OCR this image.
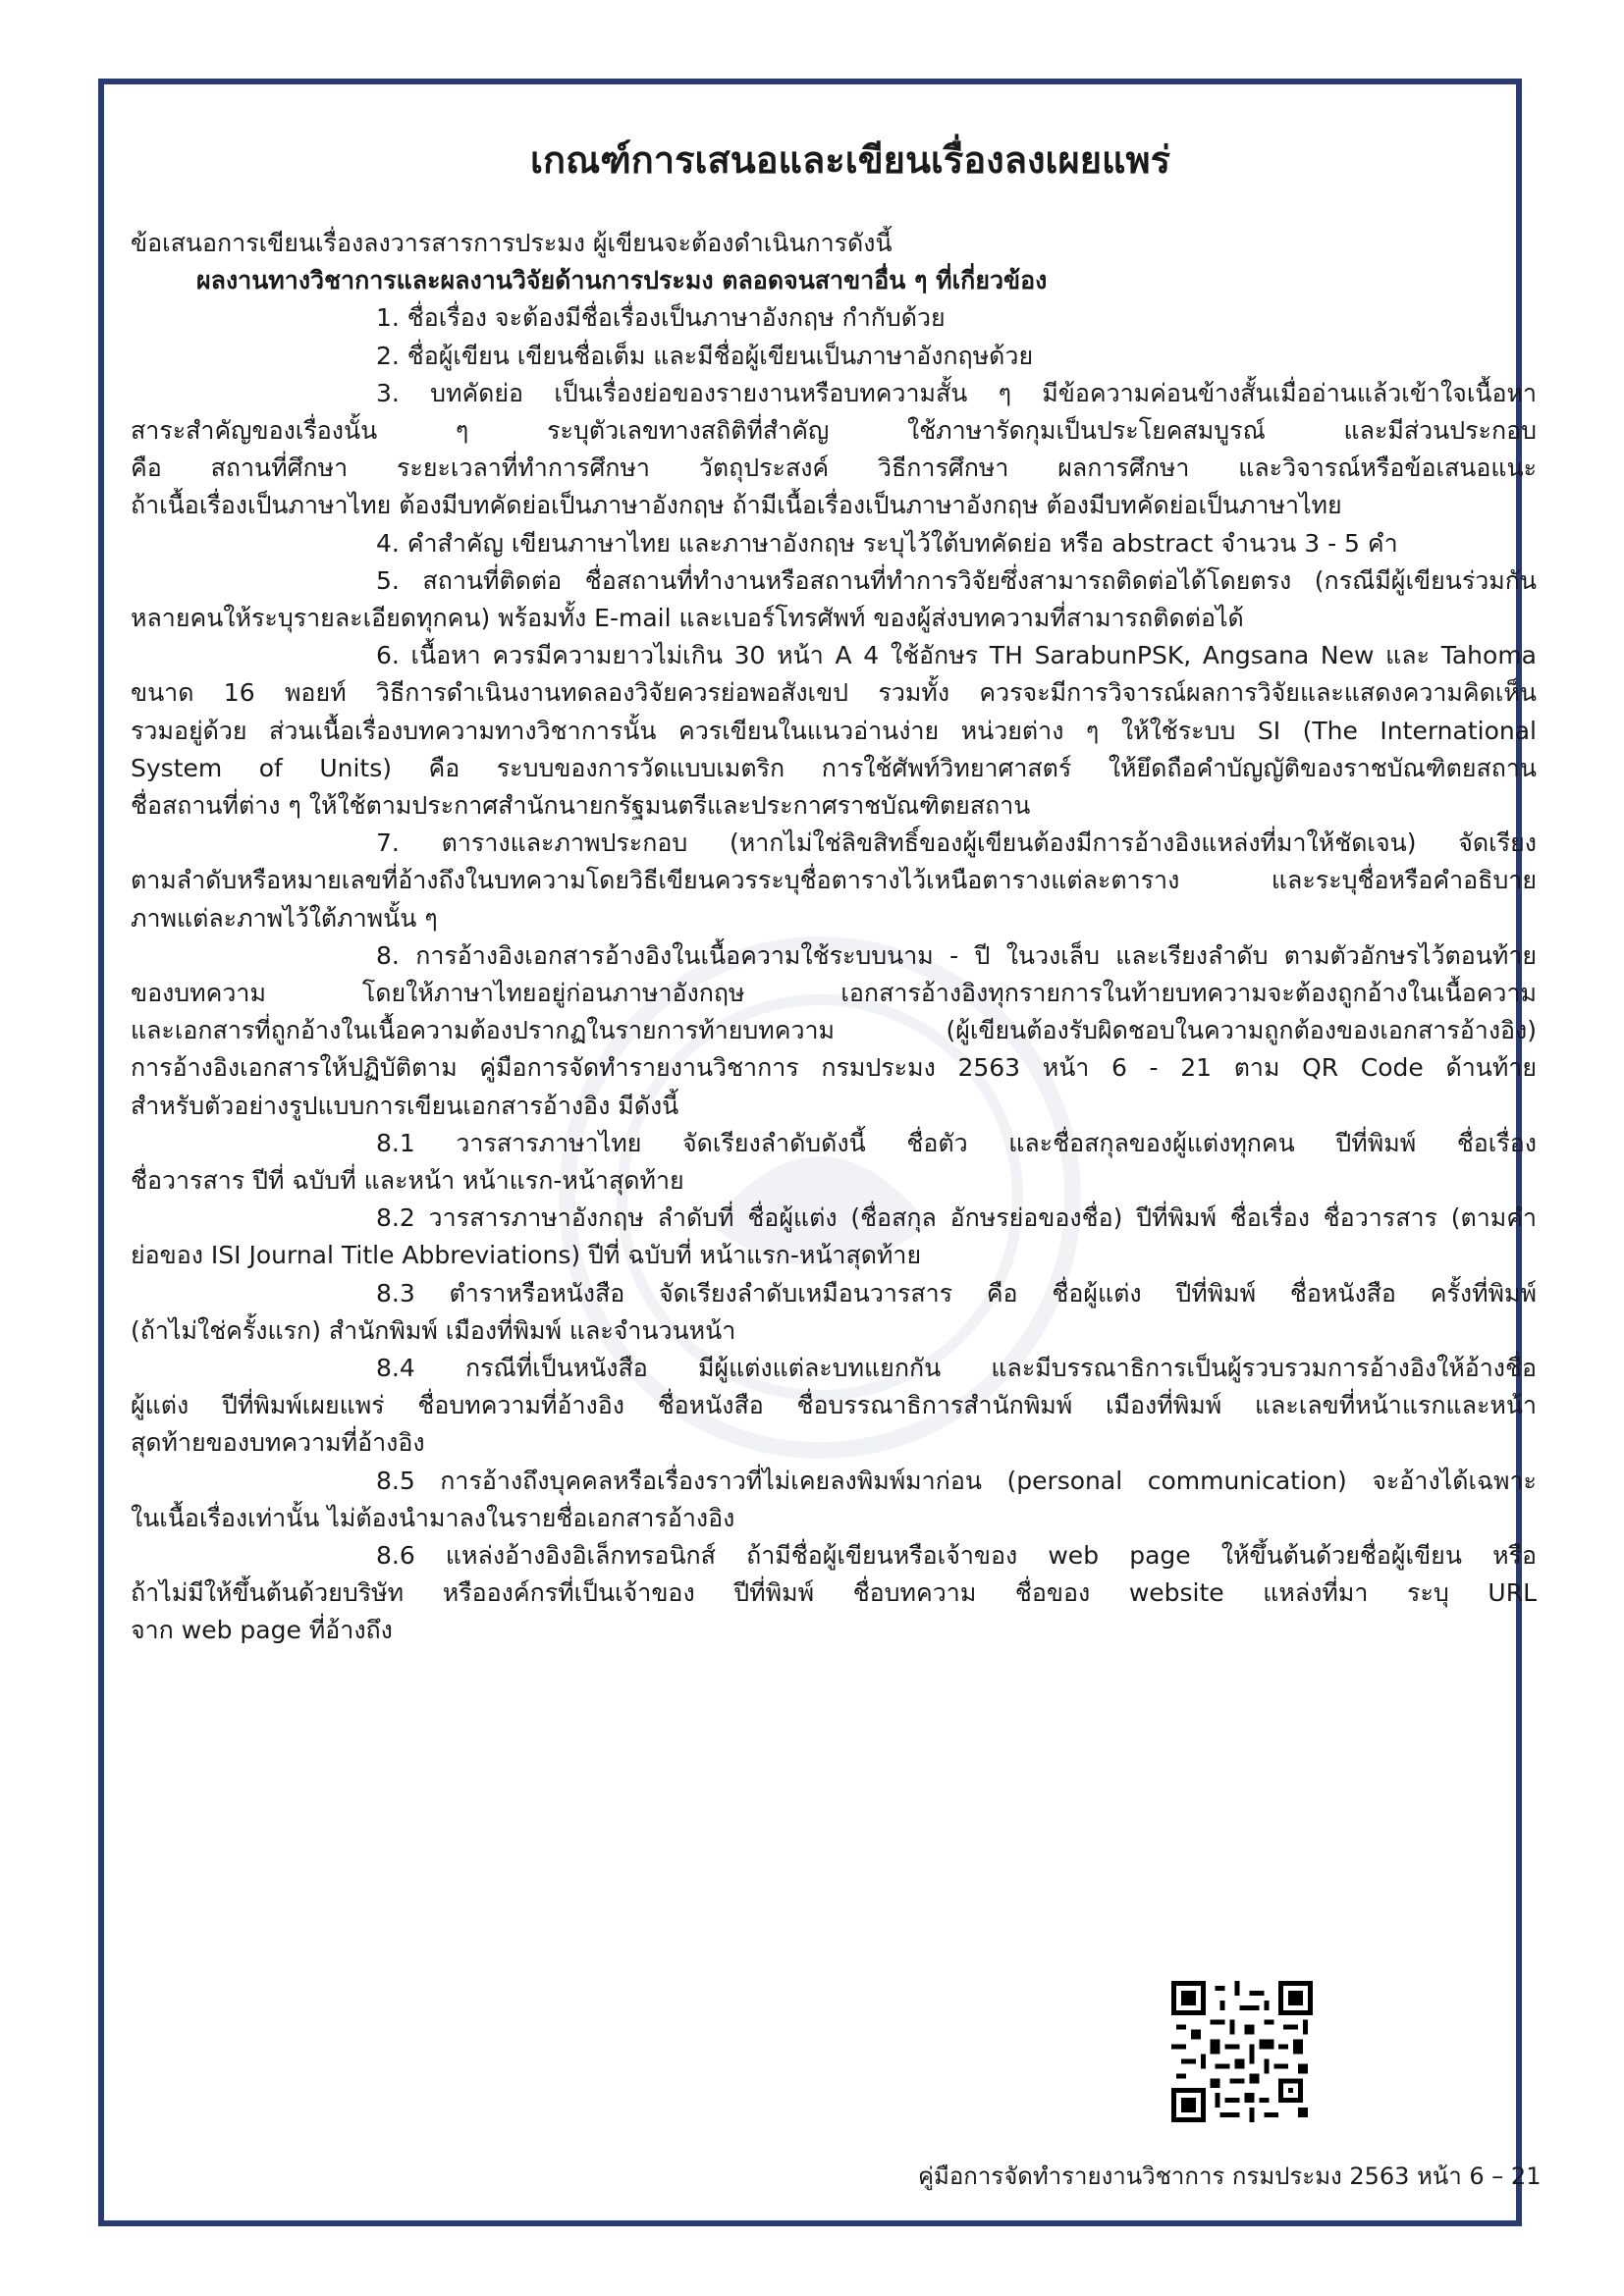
เกณฑ์การเสนอและเขียนเรื่องลงเผยแพร่
ข้อเสนอการเขียนเรื่องลงวารสารการประมง ผู้เขียนจะต้องดำเนินการดังนี้
ผลงานทางวิชาการและผลงานวิจัยด้านการประมง ตลอดจนสาขาอื่น ๆ ที่เกี่ยวข้อง
1. ชื่อเรื่อง จะต้องมีชื่อเรื่องเป็นภาษาอังกฤษ กำกับด้วย
2. ชื่อผู้เขียน เขียนชื่อเต็ม และมีชื่อผู้เขียนเป็นภาษาอังกฤษด้วย
3. บทคัดย่อ เป็นเรื่องย่อของรายงานหรือบทความสั้น ๆ มีข้อความค่อนข้างสั้นเมื่ออ่านแล้วเข้าใจเนื้อหา
สาระสำคัญของเรื่องนั้น ๆ ระบุตัวเลขทางสถิติที่สำคัญ ใช้ภาษารัดกุมเป็นประโยคสมบูรณ์ และมีส่วนประกอบ
คือ สถานที่ศึกษา ระยะเวลาที่ทำการศึกษา วัตถุประสงค์ วิธีการศึกษา ผลการศึกษา และวิจารณ์หรือข้อเสนอแนะ
ถ้าเนื้อเรื่องเป็นภาษาไทย ต้องมีบทคัดย่อเป็นภาษาอังกฤษ ถ้ามีเนื้อเรื่องเป็นภาษาอังกฤษ ต้องมีบทคัดย่อเป็นภาษาไทย
4. คำสำคัญ เขียนภาษาไทย และภาษาอังกฤษ ระบุไว้ใต้บทคัดย่อ หรือ abstract จำนวน 3 - 5 คำ
5. สถานที่ติดต่อ ชื่อสถานที่ทำงานหรือสถานที่ทำการวิจัยซึ่งสามารถติดต่อได้โดยตรง (กรณีมีผู้เขียนร่วมกัน
หลายคนให้ระบุรายละเอียดทุกคน) พร้อมทั้ง E-mail และเบอร์โทรศัพท์ ของผู้ส่งบทความที่สามารถติดต่อได้
6. เนื้อหา ควรมีความยาวไม่เกิน 30 หน้า A 4 ใช้อักษร TH SarabunPSK, Angsana New และ Tahoma
ขนาด 16 พอยท์ วิธีการดำเนินงานทดลองวิจัยควรย่อพอสังเขป รวมทั้ง ควรจะมีการวิจารณ์ผลการวิจัยและแสดงความคิดเห็น
รวมอยู่ด้วย ส่วนเนื้อเรื่องบทความทางวิชาการนั้น ควรเขียนในแนวอ่านง่าย หน่วยต่าง ๆ ให้ใช้ระบบ SI (The International
System of Units) คือ ระบบของการวัดแบบเมตริก การใช้ศัพท์วิทยาศาสตร์ ให้ยึดถือคำบัญญัติของราชบัณฑิตยสถาน
ชื่อสถานที่ต่าง ๆ ให้ใช้ตามประกาศสำนักนายกรัฐมนตรีและประกาศราชบัณฑิตยสถาน
7. ตารางและภาพประกอบ (หากไม่ใช่ลิขสิทธิ์ของผู้เขียนต้องมีการอ้างอิงแหล่งที่มาให้ชัดเจน) จัดเรียง
ตามลำดับหรือหมายเลขที่อ้างถึงในบทความโดยวิธีเขียนควรระบุชื่อตารางไว้เหนือตารางแต่ละตาราง และระบุชื่อหรือคำอธิบาย
ภาพแต่ละภาพไว้ใต้ภาพนั้น ๆ
8. การอ้างอิงเอกสารอ้างอิงในเนื้อความใช้ระบบนาม - ปี ในวงเล็บ และเรียงลำดับ ตามตัวอักษรไว้ตอนท้าย
ของบทความ โดยให้ภาษาไทยอยู่ก่อนภาษาอังกฤษ เอกสารอ้างอิงทุกรายการในท้ายบทความจะต้องถูกอ้างในเนื้อความ
และเอกสารที่ถูกอ้างในเนื้อความต้องปรากฏในรายการท้ายบทความ (ผู้เขียนต้องรับผิดชอบในความถูกต้องของเอกสารอ้างอิง)
การอ้างอิงเอกสารให้ปฏิบัติตาม คู่มือการจัดทำรายงานวิชาการ กรมประมง 2563 หน้า 6 - 21 ตาม QR Code ด้านท้าย
สำหรับตัวอย่างรูปแบบการเขียนเอกสารอ้างอิง มีดังนี้
8.1 วารสารภาษาไทย จัดเรียงลำดับดังนี้ ชื่อตัว และชื่อสกุลของผู้แต่งทุกคน ปีที่พิมพ์ ชื่อเรื่อง
ชื่อวารสาร ปีที่ ฉบับที่ และหน้า หน้าแรก-หน้าสุดท้าย
8.2 วารสารภาษาอังกฤษ ลำดับที่ ชื่อผู้แต่ง (ชื่อสกุล อักษรย่อของชื่อ) ปีที่พิมพ์ ชื่อเรื่อง ชื่อวารสาร (ตามคำ
ย่อของ ISI Journal Title Abbreviations) ปีที่ ฉบับที่ หน้าแรก-หน้าสุดท้าย
8.3 ตำราหรือหนังสือ จัดเรียงลำดับเหมือนวารสาร คือ ชื่อผู้แต่ง ปีที่พิมพ์ ชื่อหนังสือ ครั้งที่พิมพ์
(ถ้าไม่ใช่ครั้งแรก) สำนักพิมพ์ เมืองที่พิมพ์ และจำนวนหน้า
8.4 กรณีที่เป็นหนังสือ มีผู้แต่งแต่ละบทแยกกัน และมีบรรณาธิการเป็นผู้รวบรวมการอ้างอิงให้อ้างชื่อ
ผู้แต่ง ปีที่พิมพ์เผยแพร่ ชื่อบทความที่อ้างอิง ชื่อหนังสือ ชื่อบรรณาธิการสำนักพิมพ์ เมืองที่พิมพ์ และเลขที่หน้าแรกและหน้า
สุดท้ายของบทความที่อ้างอิง
8.5 การอ้างถึงบุคคลหรือเรื่องราวที่ไม่เคยลงพิมพ์มาก่อน (personal communication) จะอ้างได้เฉพาะ
ในเนื้อเรื่องเท่านั้น ไม่ต้องนำมาลงในรายชื่อเอกสารอ้างอิง
8.6 แหล่งอ้างอิงอิเล็กทรอนิกส์ ถ้ามีชื่อผู้เขียนหรือเจ้าของ web page ให้ขึ้นต้นด้วยชื่อผู้เขียน หรือ
ถ้าไม่มีให้ขึ้นต้นด้วยบริษัท หรือองค์กรที่เป็นเจ้าของ ปีที่พิมพ์ ชื่อบทความ ชื่อของ website แหล่งที่มา ระบุ URL
จาก web page ที่อ้างถึง
คู่มือการจัดทำรายงานวิชาการ กรมประมง 2563 หน้า 6 – 21
